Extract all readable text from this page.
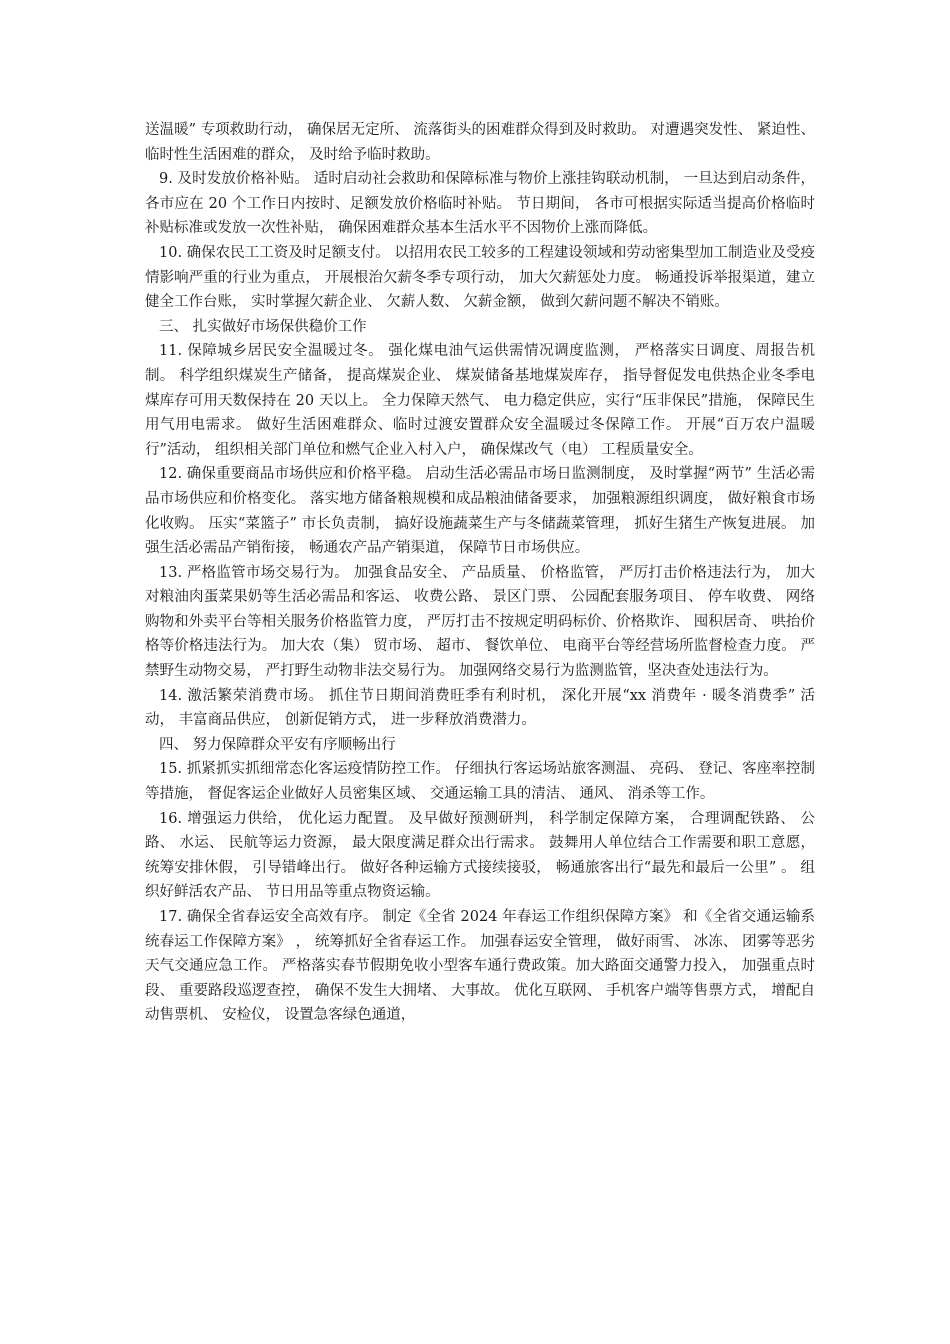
送温暖” 专项救助行动， 确保居无定所、 流落街头的困难群众得到及时救助。 对遭遇突发性、 紧迫性、 临时性生活困难的群众， 及时给予临时救助。

9. 及时发放价格补贴。 适时启动社会救助和保障标准与物价上涨挂钩联动机制， 一旦达到启动条件， 各市应在 20 个工作日内按时、足额发放价格临时补贴。 节日期间， 各市可根据实际适当提高价格临时补贴标准或发放一次性补贴， 确保困难群众基本生活水平不因物价上涨而降低。

10. 确保农民工工资及时足额支付。 以招用农民工较多的工程建设领域和劳动密集型加工制造业及受疫情影响严重的行业为重点， 开展根治欠薪冬季专项行动， 加大欠薪惩处力度。 畅通投诉举报渠道，建立健全工作台账， 实时掌握欠薪企业、 欠薪人数、 欠薪金额， 做到欠薪问题不解决不销账。

三、 扎实做好市场保供稳价工作

11. 保障城乡居民安全温暖过冬。 强化煤电油气运供需情况调度监测， 严格落实日调度、周报告机制。 科学组织煤炭生产储备， 提高煤炭企业、 煤炭储备基地煤炭库存， 指导督促发电供热企业冬季电煤库存可用天数保持在 20 天以上。 全力保障天然气、 电力稳定供应，实行“压非保民”措施， 保障民生用气用电需求。 做好生活困难群众、临时过渡安置群众安全温暖过冬保障工作。 开展“百万农户温暖行”活动， 组织相关部门单位和燃气企业入村入户， 确保煤改气（电） 工程质量安全。

12. 确保重要商品市场供应和价格平稳。 启动生活必需品市场日监测制度， 及时掌握“两节” 生活必需品市场供应和价格变化。 落实地方储备粮规模和成品粮油储备要求， 加强粮源组织调度， 做好粮食市场化收购。 压实“菜篮子” 市长负责制， 搞好设施蔬菜生产与冬储蔬菜管理， 抓好生猪生产恢复进展。 加强生活必需品产销衔接， 畅通农产品产销渠道， 保障节日市场供应。

13. 严格监管市场交易行为。 加强食品安全、 产品质量、 价格监管， 严厉打击价格违法行为， 加大对粮油肉蛋菜果奶等生活必需品和客运、 收费公路、 景区门票、 公园配套服务项目、 停车收费、 网络购物和外卖平台等相关服务价格监管力度， 严厉打击不按规定明码标价、价格欺诈、 囤积居奇、 哄抬价格等价格违法行为。 加大农（集） 贸市场、 超市、 餐饮单位、 电商平台等经营场所监督检查力度。 严禁野生动物交易， 严打野生动物非法交易行为。 加强网络交易行为监测监管，坚决查处违法行为。

14. 激活繁荣消费市场。 抓住节日期间消费旺季有利时机， 深化开展“xx 消费年 · 暖冬消费季” 活动， 丰富商品供应， 创新促销方式， 进一步释放消费潜力。

四、 努力保障群众平安有序顺畅出行

15. 抓紧抓实抓细常态化客运疫情防控工作。 仔细执行客运场站旅客测温、 亮码、 登记、客座率控制等措施， 督促客运企业做好人员密集区域、 交通运输工具的清洁、 通风、 消杀等工作。

16. 增强运力供给， 优化运力配置。 及早做好预测研判， 科学制定保障方案， 合理调配铁路、 公路、 水运、 民航等运力资源， 最大限度满足群众出行需求。 鼓舞用人单位结合工作需要和职工意愿， 统筹安排休假， 引导错峰出行。 做好各种运输方式接续接驳， 畅通旅客出行“最先和最后一公里” 。 组织好鲜活农产品、 节日用品等重点物资运输。

17. 确保全省春运安全高效有序。 制定《全省 2024 年春运工作组织保障方案》 和《全省交通运输系统春运工作保障方案》 ， 统筹抓好全省春运工作。 加强春运安全管理， 做好雨雪、 冰冻、 团雾等恶劣天气交通应急工作。 严格落实春节假期免收小型客车通行费政策。加大路面交通警力投入， 加强重点时段、 重要路段巡逻查控， 确保不发生大拥堵、 大事故。 优化互联网、 手机客户端等售票方式， 增配自动售票机、 安检仪， 设置急客绿色通道，
